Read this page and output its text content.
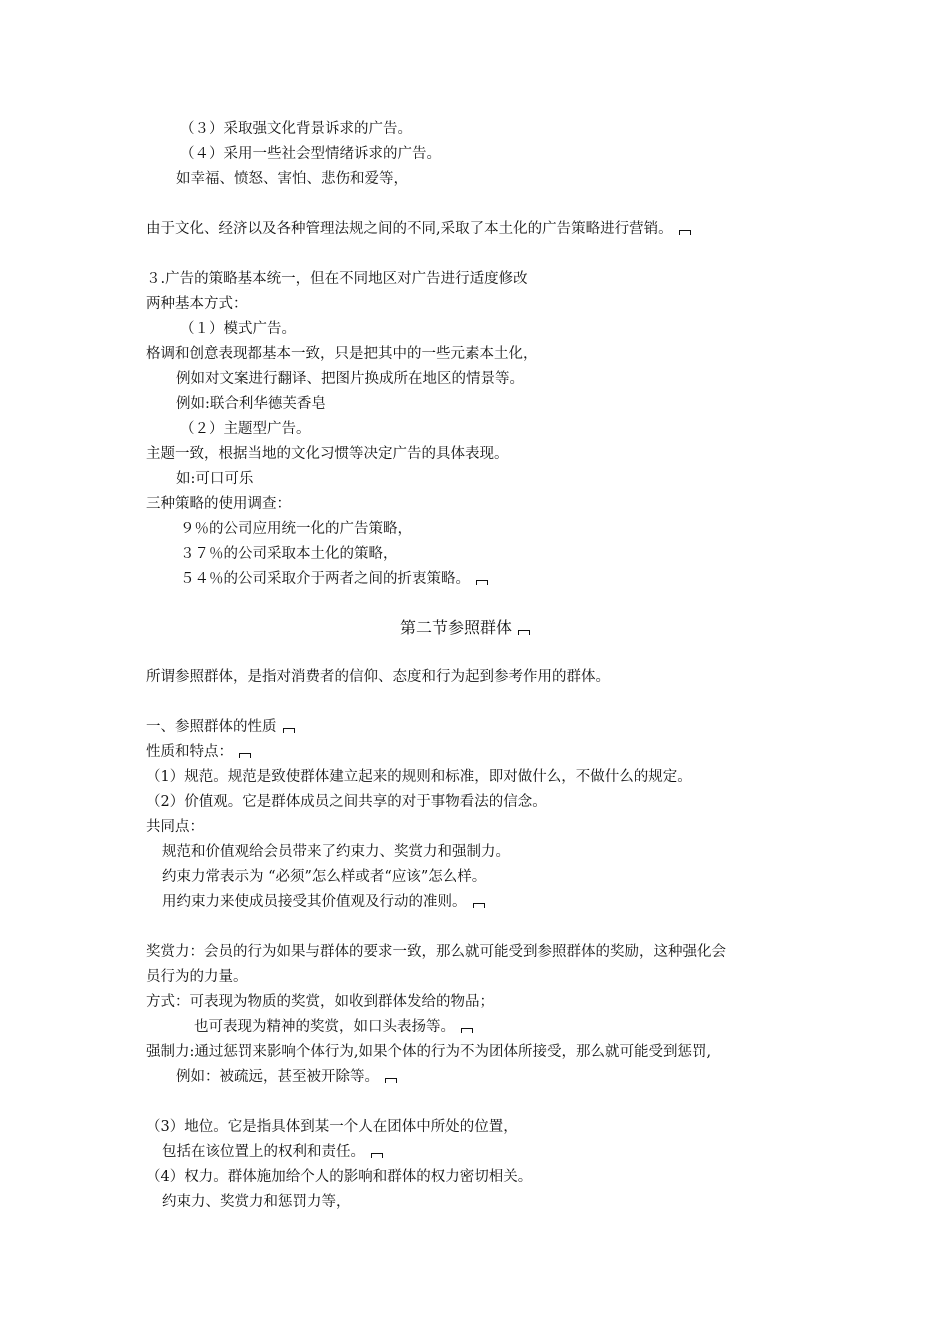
（３）采取强文化背景诉求的广告。
（４）采用一些社会型情绪诉求的广告。
如幸福、愤怒、害怕、悲伤和爱等，
由于文化、经济以及各种管理法规之间的不同,采取了本土化的广告策略进行营销。
３.广告的策略基本统一，但在不同地区对广告进行适度修改
两种基本方式：
（１）模式广告。
格调和创意表现都基本一致，只是把其中的一些元素本土化，
例如对文案进行翻译、把图片换成所在地区的情景等。
例如:联合利华德芙香皂
（２）主题型广告。
主题一致，根据当地的文化习惯等决定广告的具体表现。
如:可口可乐
三种策略的使用调查：
９％的公司应用统一化的广告策略，
３７％的公司采取本土化的策略，
５４％的公司采取介于两者之间的折衷策略。
第二节参照群体
所谓参照群体，是指对消费者的信仰、态度和行为起到参考作用的群体。
一、参照群体的性质
性质和特点：
（1）规范。规范是致使群体建立起来的规则和标准，即对做什么，不做什么的规定。
（2）价值观。它是群体成员之间共享的对于事物看法的信念。
共同点：
规范和价值观给会员带来了约束力、奖赏力和强制力。
约束力常表示为 “必须”怎么样或者“应该”怎么样。
用约束力来使成员接受其价值观及行动的准则。
奖赏力：会员的行为如果与群体的要求一致，那么就可能受到参照群体的奖励，这种强化会
员行为的力量。
方式：可表现为物质的奖赏，如收到群体发给的物品；
也可表现为精神的奖赏，如口头表扬等。
强制力:通过惩罚来影响个体行为,如果个体的行为不为团体所接受，那么就可能受到惩罚,
例如：被疏远，甚至被开除等。
（3）地位。它是指具体到某一个人在团体中所处的位置，
包括在该位置上的权利和责任。
（4）权力。群体施加给个人的影响和群体的权力密切相关。
约束力、奖赏力和惩罚力等，
